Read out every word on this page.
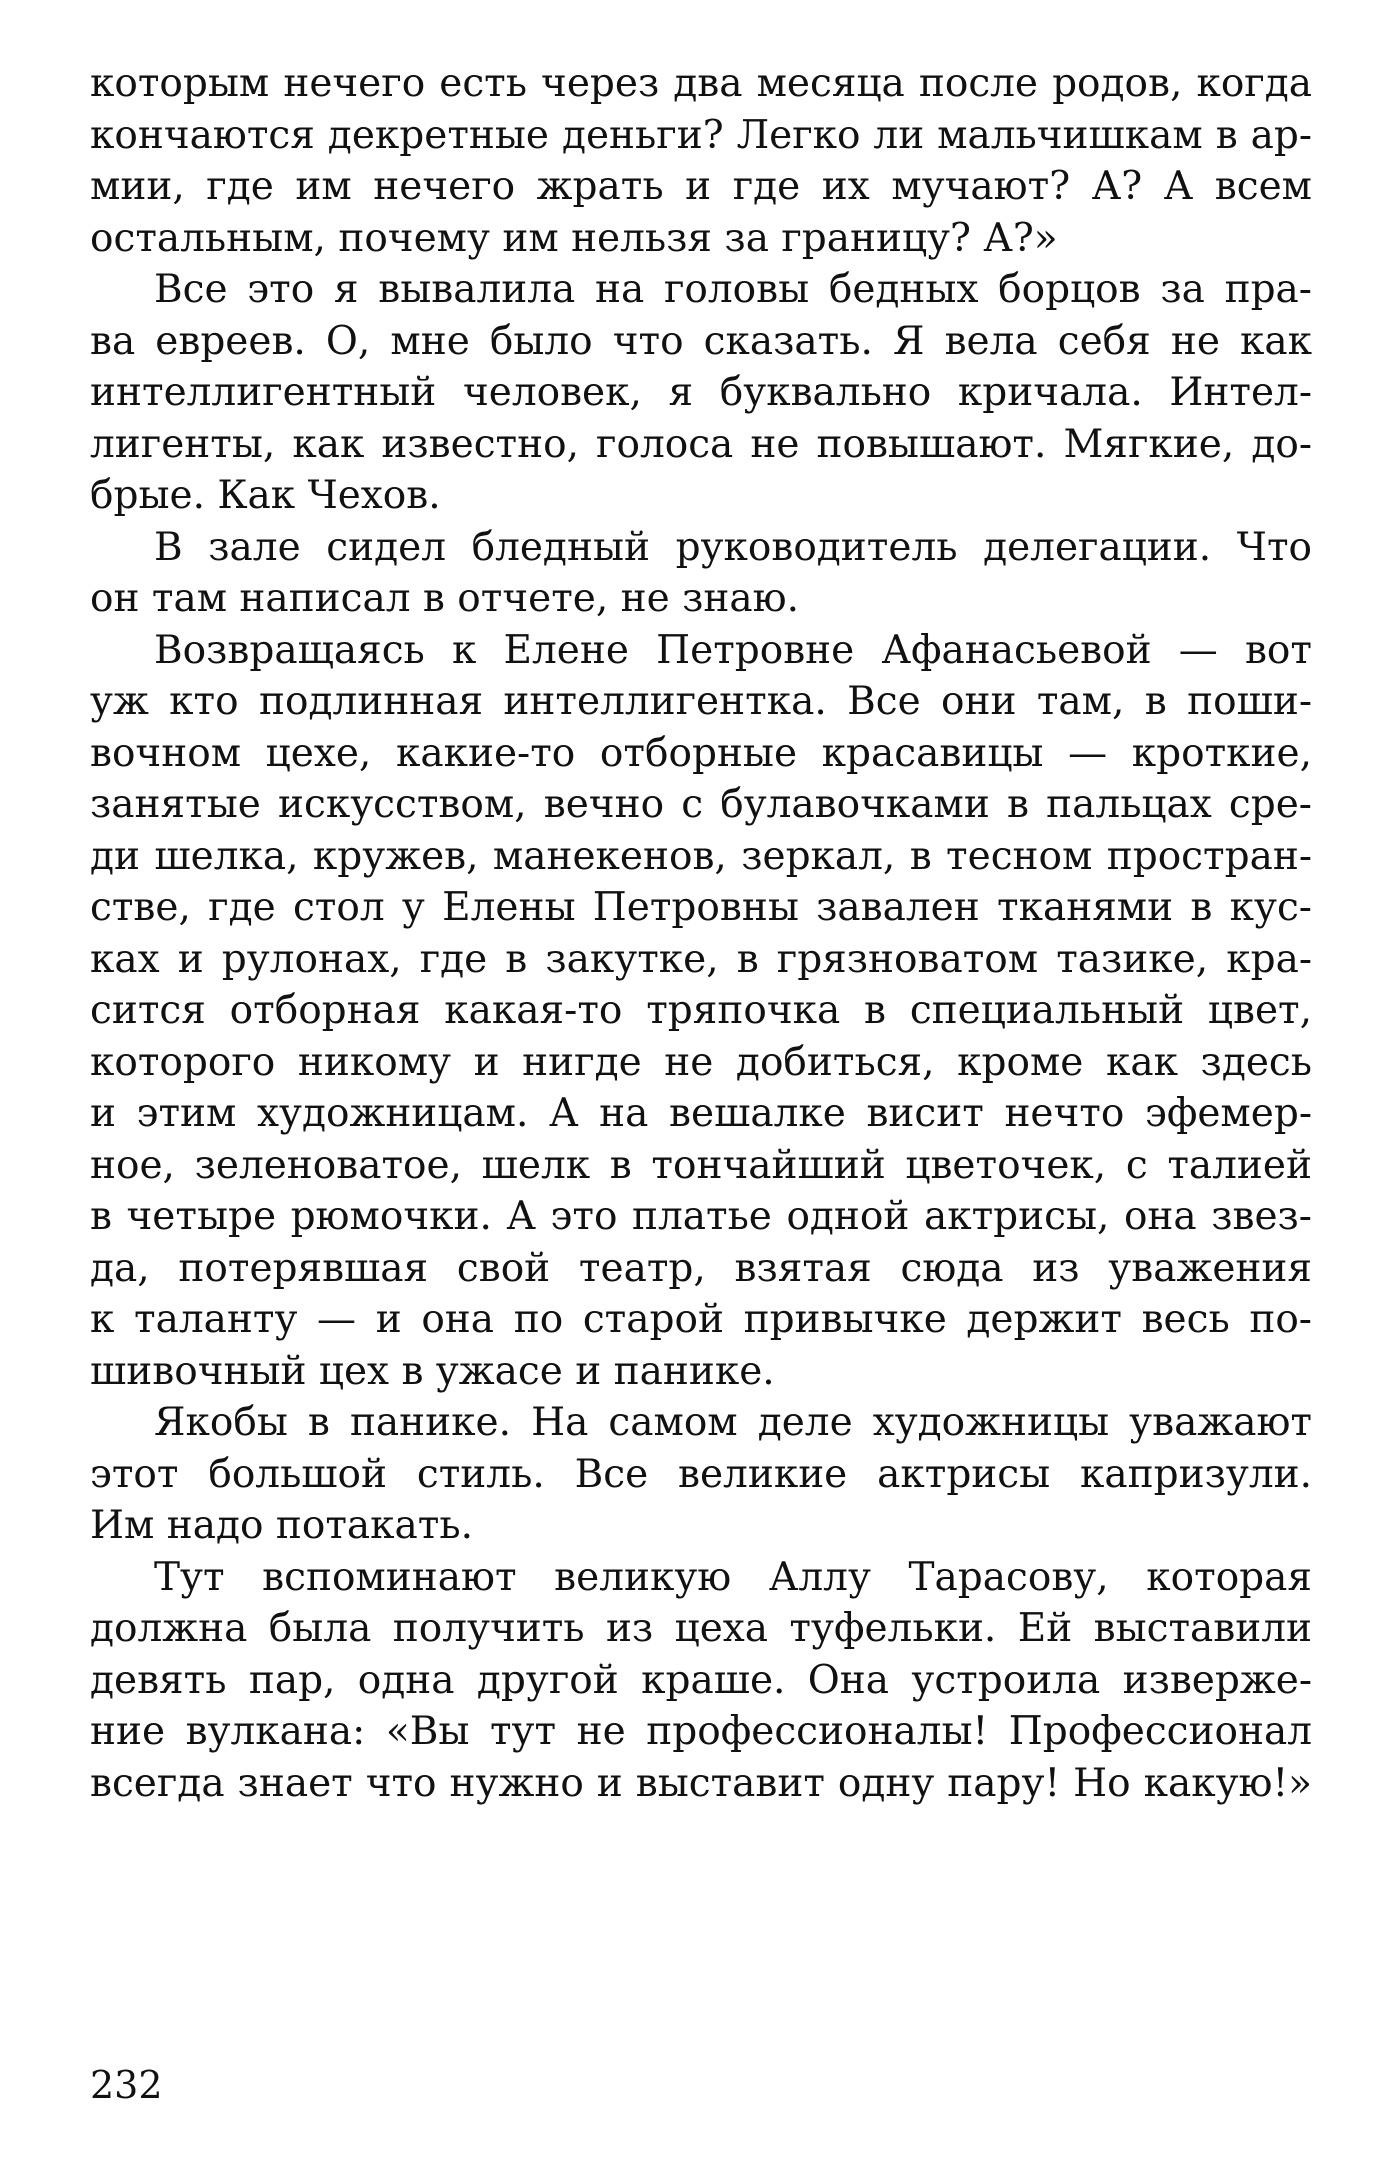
которым нечего есть через два месяца после родов, когда
кончаются декретные деньги? Легко ли мальчишкам в ар-
мии, где им нечего жрать и где их мучают? А? А всем
остальным, почему им нельзя за границу? А?»
Все это я вывалила на головы бедных борцов за пра-
ва евреев. О, мне было что сказать. Я вела себя не как
интеллигентный человек, я буквально кричала. Интел-
лигенты, как известно, голоса не повышают. Мягкие, до-
брые. Как Чехов.
В зале сидел бледный руководитель делегации. Что
он там написал в отчете, не знаю.
Возвращаясь к Елене Петровне Афанасьевой — вот
уж кто подлинная интеллигентка. Все они там, в поши-
вочном цехе, какие-то отборные красавицы — кроткие,
занятые искусством, вечно с булавочками в пальцах сре-
ди шелка, кружев, манекенов, зеркал, в тесном простран-
стве, где стол у Елены Петровны завален тканями в кус-
ках и рулонах, где в закутке, в грязноватом тазике, кра-
сится отборная какая-то тряпочка в специальный цвет,
которого никому и нигде не добиться, кроме как здесь
и этим художницам. А на вешалке висит нечто эфемер-
ное, зеленоватое, шелк в тончайший цветочек, с талией
в четыре рюмочки. А это платье одной актрисы, она звез-
да, потерявшая свой театр, взятая сюда из уважения
к таланту — и она по старой привычке держит весь по-
шивочный цех в ужасе и панике.
Якобы в панике. На самом деле художницы уважают
этот большой стиль. Все великие актрисы капризули.
Им надо потакать.
Тут вспоминают великую Аллу Тарасову, которая
должна была получить из цеха туфельки. Ей выставили
девять пар, одна другой краше. Она устроила изверже-
ние вулкана: «Вы тут не профессионалы! Профессионал
всегда знает что нужно и выставит одну пару! Но какую!»
232
